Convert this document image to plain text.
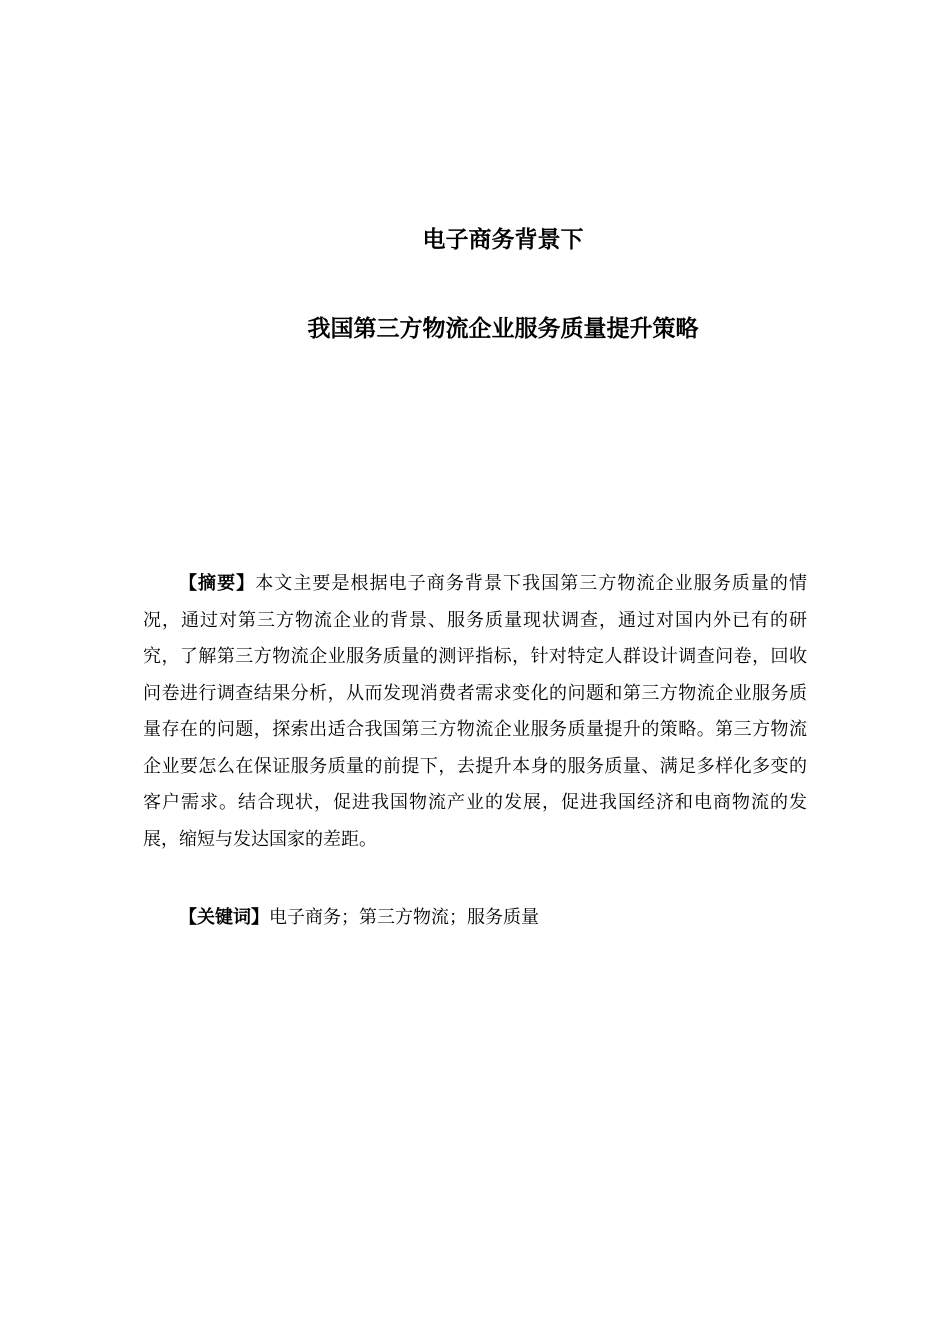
电子商务背景下
我国第三方物流企业服务质量提升策略

【摘要】本文主要是根据电子商务背景下我国第三方物流企业服务质量的情况，通过对第三方物流企业的背景、服务质量现状调查，通过对国内外已有的研究，了解第三方物流企业服务质量的测评指标，针对特定人群设计调查问卷，回收问卷进行调查结果分析，从而发现消费者需求变化的问题和第三方物流企业服务质量存在的问题，探索出适合我国第三方物流企业服务质量提升的策略。第三方物流企业要怎么在保证服务质量的前提下，去提升本身的服务质量、满足多样化多变的客户需求。结合现状，促进我国物流产业的发展，促进我国经济和电商物流的发展，缩短与发达国家的差距。

【关键词】电子商务；第三方物流；服务质量
